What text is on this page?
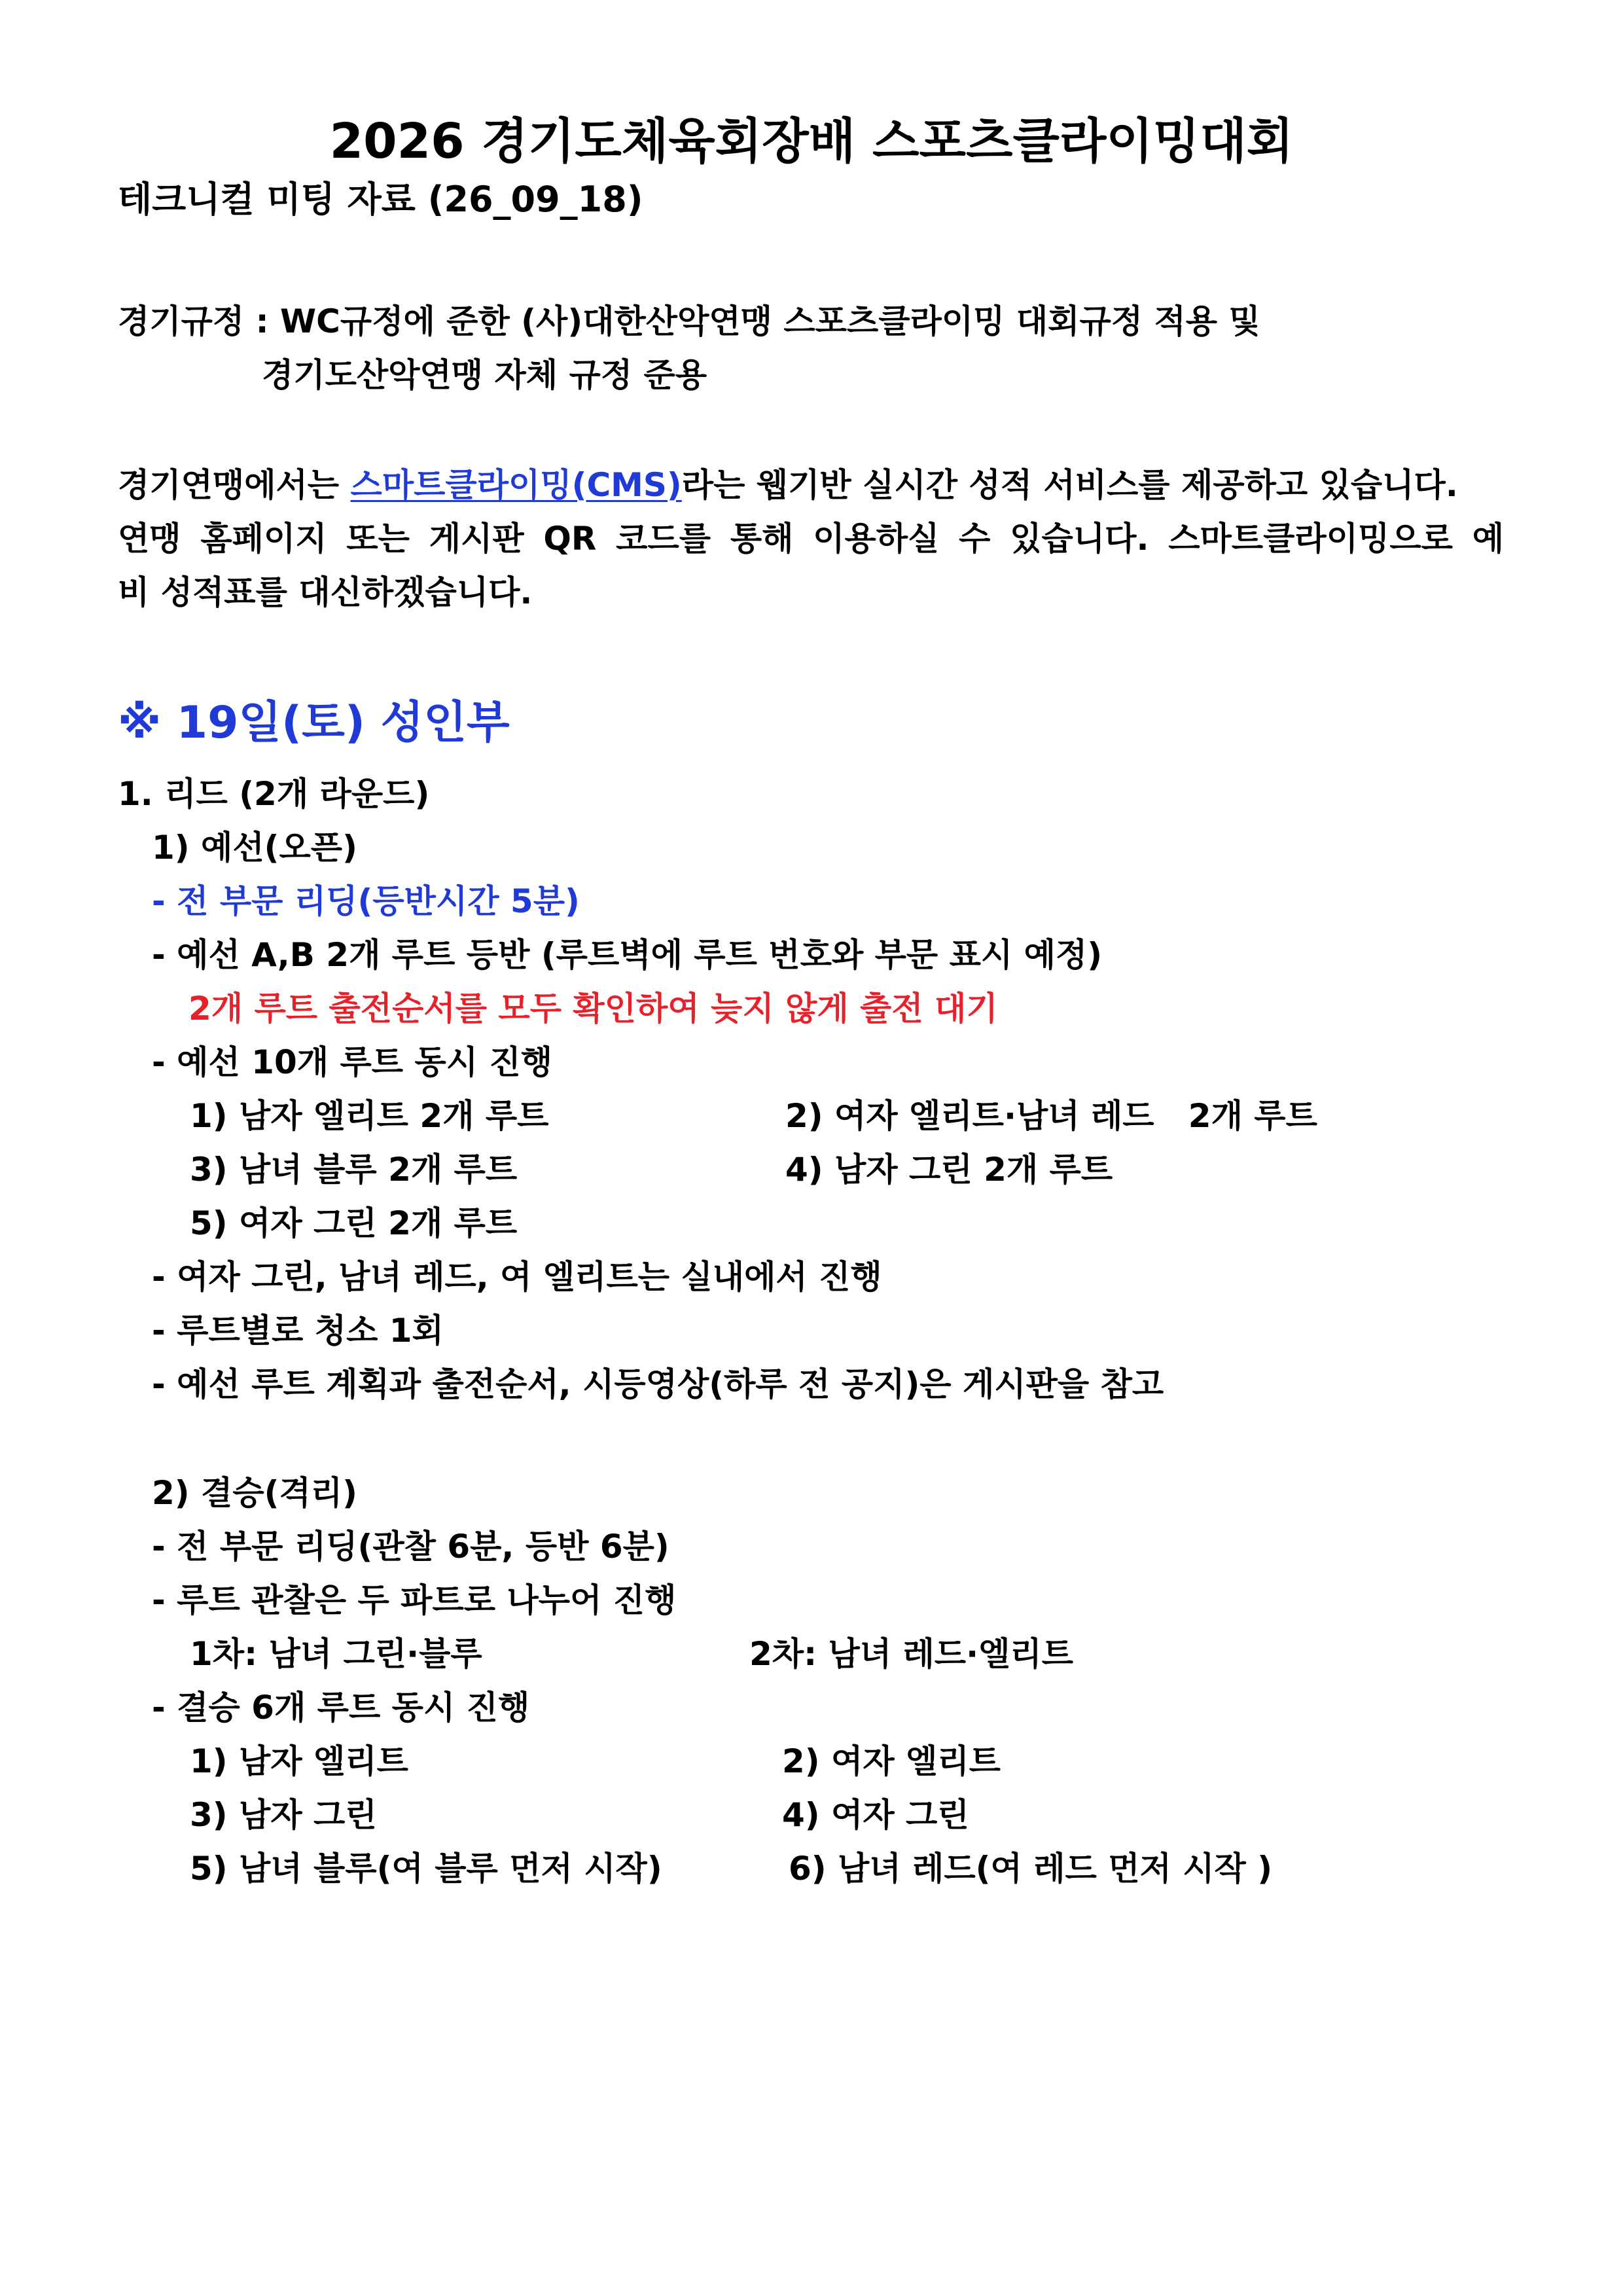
2026 경기도체육회장배 스포츠클라이밍대회
테크니컬 미팅 자료 (26_09_18)
경기규정 : WC규정에 준한 (사)대한산악연맹 스포츠클라이밍 대회규정 적용 및
경기도산악연맹 자체 규정 준용
경기연맹에서는 스마트클라이밍(CMS)라는 웹기반 실시간 성적 서비스를 제공하고 있습니다.
연맹 홈페이지 또는 게시판 QR 코드를 통해 이용하실 수 있습니다. 스마트클라이밍으로 예
비 성적표를 대신하겠습니다.
※ 19일(토) 성인부
1. 리드 (2개 라운드)
1) 예선(오픈)
- 전 부문 리딩(등반시간 5분)
- 예선 A,B 2개 루트 등반 (루트벽에 루트 번호와 부문 표시 예정)
2개 루트 출전순서를 모두 확인하여 늦지 않게 출전 대기
- 예선 10개 루트 동시 진행
1) 남자 엘리트 2개 루트	2) 여자 엘리트·남녀 레드   2개 루트
3) 남녀 블루 2개 루트	4) 남자 그린 2개 루트
5) 여자 그린 2개 루트
- 여자 그린, 남녀 레드, 여 엘리트는 실내에서 진행
- 루트별로 청소 1회
- 예선 루트 계획과 출전순서, 시등영상(하루 전 공지)은 게시판을 참고
2) 결승(격리)
- 전 부문 리딩(관찰 6분, 등반 6분)
- 루트 관찰은 두 파트로 나누어 진행
1차: 남녀 그린·블루	2차: 남녀 레드·엘리트
- 결승 6개 루트 동시 진행
1) 남자 엘리트	2) 여자 엘리트
3) 남자 그린	4) 여자 그린
5) 남녀 블루(여 블루 먼저 시작)	6) 남녀 레드(여 레드 먼저 시작 )
